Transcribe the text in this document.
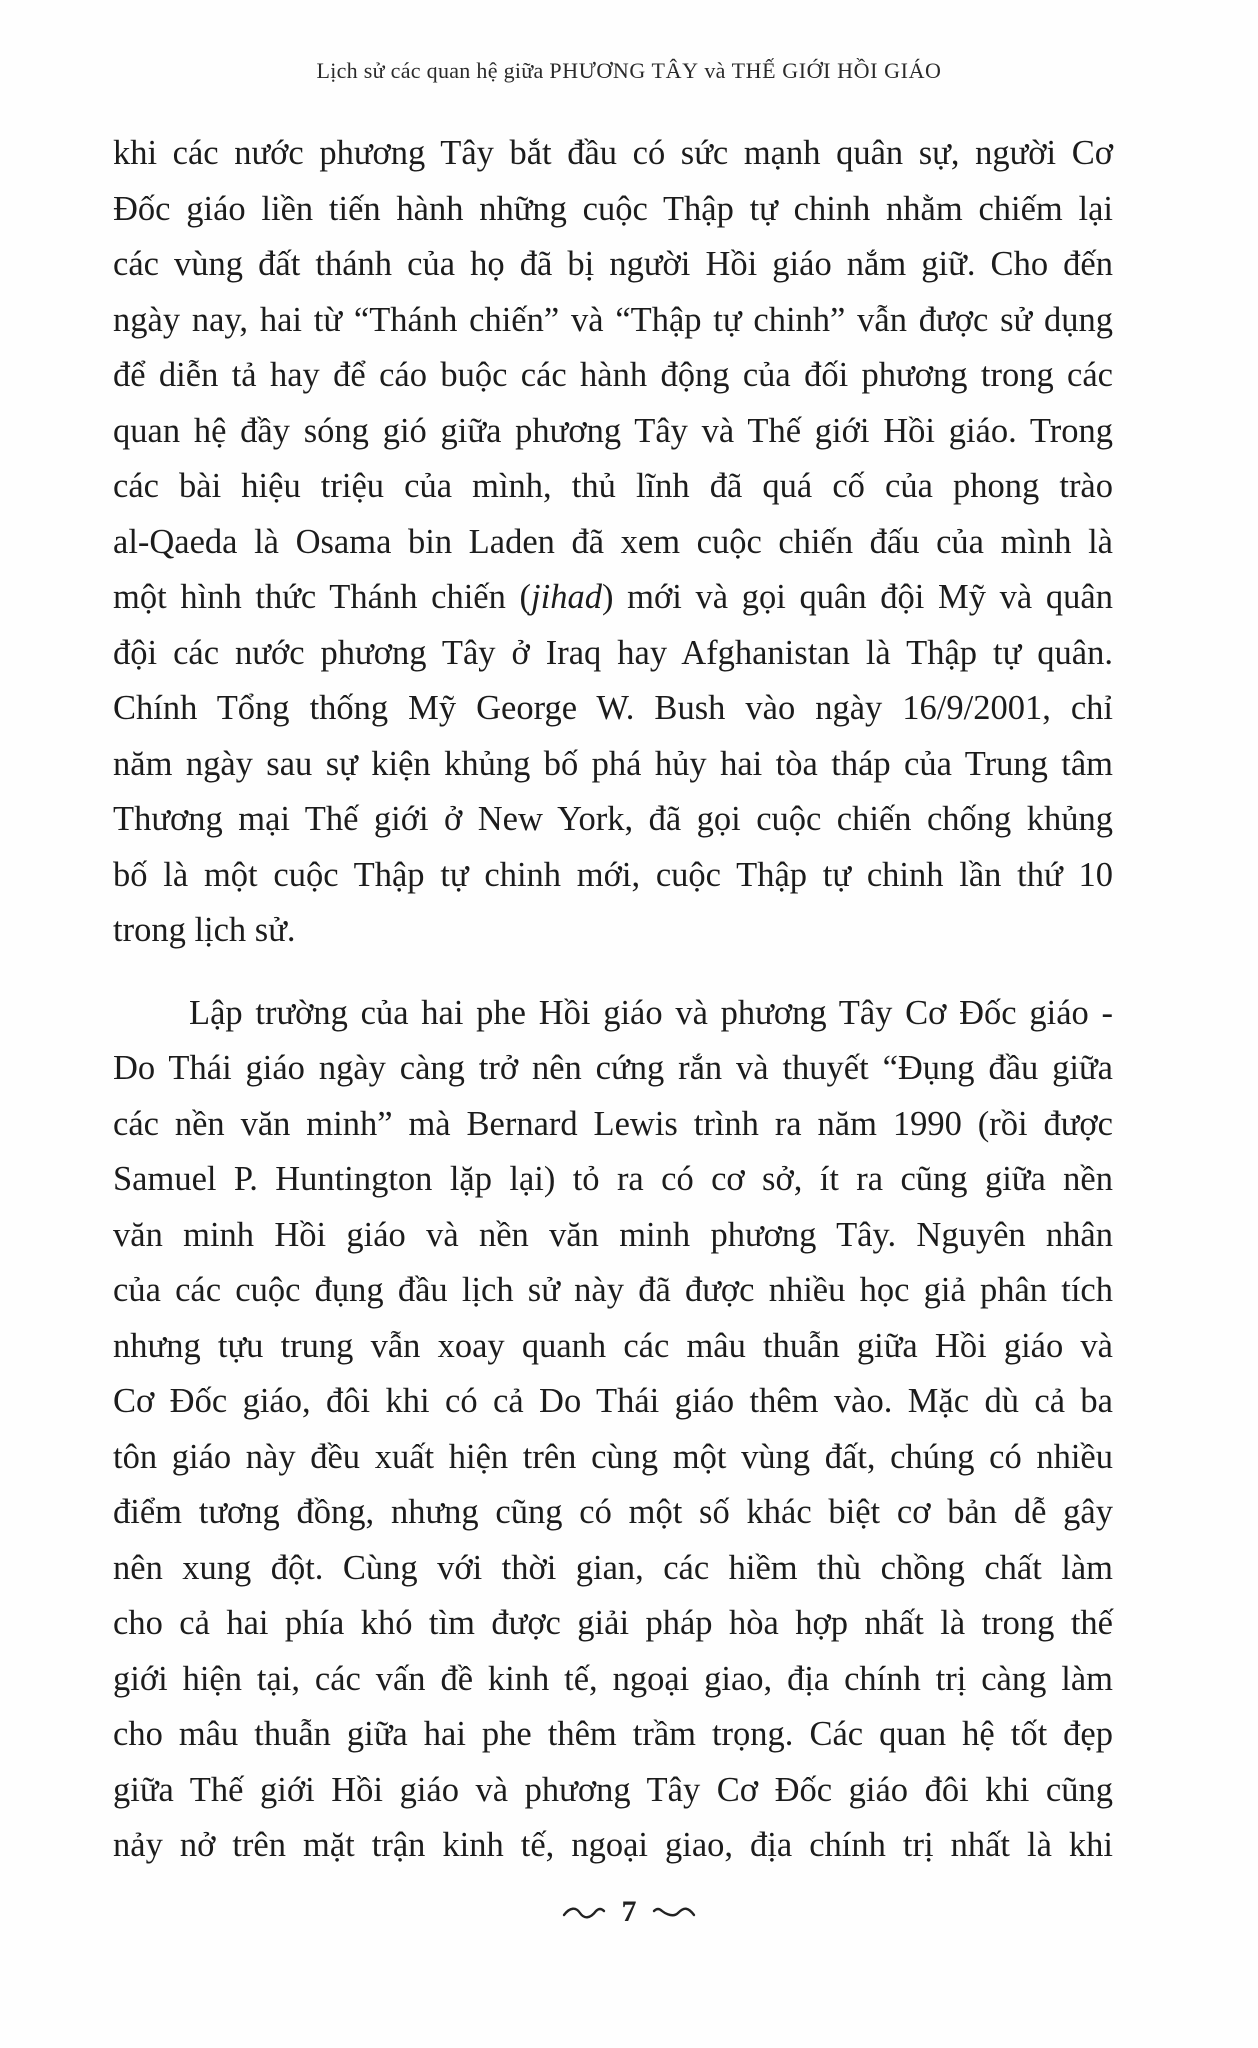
Lịch sử các quan hệ giữa PHƯƠNG TÂY và THẾ GIỚI HỒI GIÁO
khi các nước phương Tây bắt đầu có sức mạnh quân sự, người Cơ
Đốc giáo liền tiến hành những cuộc Thập tự chinh nhằm chiếm lại
các vùng đất thánh của họ đã bị người Hồi giáo nắm giữ. Cho đến
ngày nay, hai từ “Thánh chiến” và “Thập tự chinh” vẫn được sử dụng
để diễn tả hay để cáo buộc các hành động của đối phương trong các
quan hệ đầy sóng gió giữa phương Tây và Thế giới Hồi giáo. Trong
các bài hiệu triệu của mình, thủ lĩnh đã quá cố của phong trào
al-Qaeda là Osama bin Laden đã xem cuộc chiến đấu của mình là
một hình thức Thánh chiến (jihad) mới và gọi quân đội Mỹ và quân
đội các nước phương Tây ở Iraq hay Afghanistan là Thập tự quân.
Chính Tổng thống Mỹ George W. Bush vào ngày 16/9/2001, chỉ
năm ngày sau sự kiện khủng bố phá hủy hai tòa tháp của Trung tâm
Thương mại Thế giới ở New York, đã gọi cuộc chiến chống khủng
bố là một cuộc Thập tự chinh mới, cuộc Thập tự chinh lần thứ 10
trong lịch sử.
Lập trường của hai phe Hồi giáo và phương Tây Cơ Đốc giáo -
Do Thái giáo ngày càng trở nên cứng rắn và thuyết “Đụng đầu giữa
các nền văn minh” mà Bernard Lewis trình ra năm 1990 (rồi được
Samuel P. Huntington lặp lại) tỏ ra có cơ sở, ít ra cũng giữa nền
văn minh Hồi giáo và nền văn minh phương Tây. Nguyên nhân
của các cuộc đụng đầu lịch sử này đã được nhiều học giả phân tích
nhưng tựu trung vẫn xoay quanh các mâu thuẫn giữa Hồi giáo và
Cơ Đốc giáo, đôi khi có cả Do Thái giáo thêm vào. Mặc dù cả ba
tôn giáo này đều xuất hiện trên cùng một vùng đất, chúng có nhiều
điểm tương đồng, nhưng cũng có một số khác biệt cơ bản dễ gây
nên xung đột. Cùng với thời gian, các hiềm thù chồng chất làm
cho cả hai phía khó tìm được giải pháp hòa hợp nhất là trong thế
giới hiện tại, các vấn đề kinh tế, ngoại giao, địa chính trị càng làm
cho mâu thuẫn giữa hai phe thêm trầm trọng. Các quan hệ tốt đẹp
giữa Thế giới Hồi giáo và phương Tây Cơ Đốc giáo đôi khi cũng
nảy nở trên mặt trận kinh tế, ngoại giao, địa chính trị nhất là khi
7
